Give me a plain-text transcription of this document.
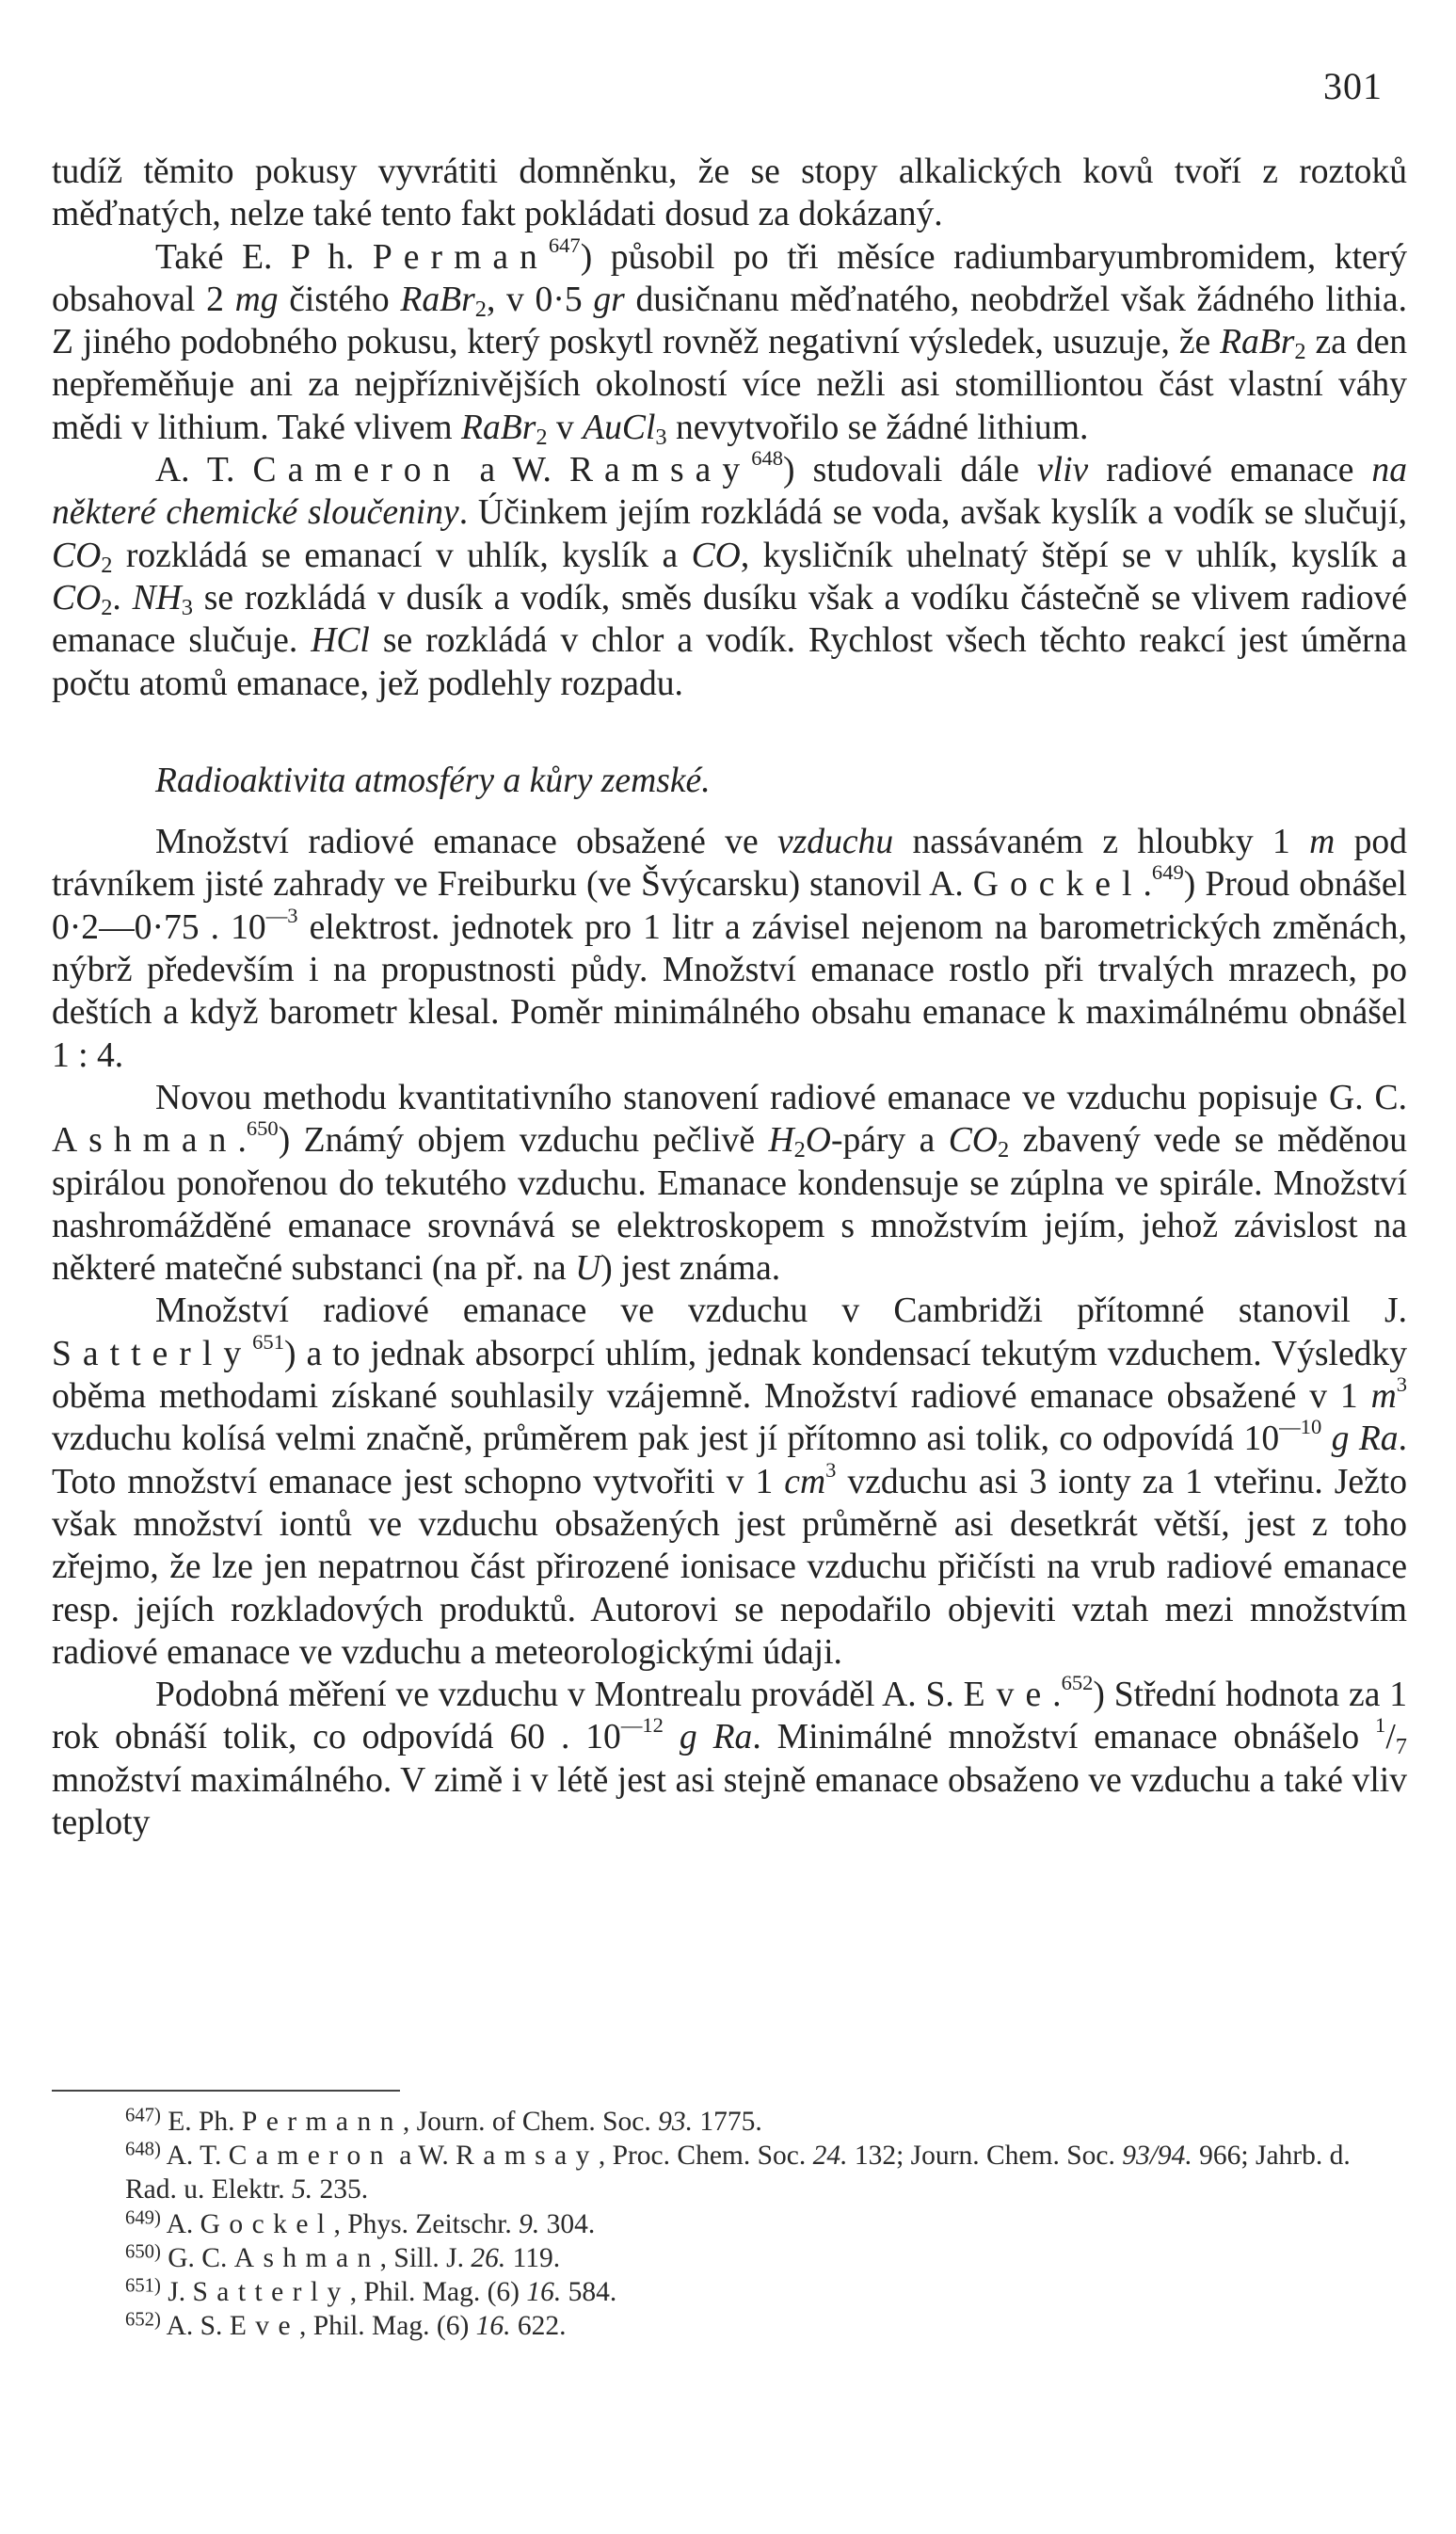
301

tudíž těmito pokusy vyvrátiti domněnku, že se stopy alkalických kovů tvoří z roztoků měďnatých, nelze také tento fakt pokládati dosud za dokázaný.

Také E. P h. Perman$^{647}$) působil po tři měsíce radiumbaryumbromidem, který obsahoval 2 mg čistého RaBr$_2$, v 0·5 gr dusičnanu měďnatého, neobdržel však žádného lithia. Z jiného podobného pokusu, který poskytl rovněž negativní výsledek, usuzuje, že RaBr$_2$ za den nepřeměňuje ani za nejpříznivějších okolností více nežli asi stomilliontou část vlastní váhy mědi v lithium. Také vlivem RaBr$_2$ v AuCl$_3$ nevytvořilo se žádné lithium.

A. T. Cameron a W. Ramsay$^{648}$) studovali dále vliv radiové emanace na některé chemické sloučeniny. Účinkem jejím rozkládá se voda, avšak kyslík a vodík se slučují, $CO_2$ rozkládá se emanací v uhlík, kyslík a CO, kysličník uhelnatý štěpí se v uhlík, kyslík a $CO_2$. $NH_3$ se rozkládá v dusík a vodík, směs dusíku však a vodíku částečně se vlivem radiové emanace slučuje. HCl se rozkládá v chlor a vodík. Rychlost všech těchto reakcí jest úměrna počtu atomů emanace, jež podlehly rozpadu.

Radioaktivita atmosféry a kůry zemské.

Množství radiové emanace obsažené ve vzduchu nassávaném z hloubky 1 m pod trávníkem jisté zahrady ve Freiburku (ve Švýcarsku) stanovil A. Gockel.$^{649}$) Proud obnášel 0·2—0·75 . $10^{—3}$ elektrost. jednotek pro 1 litr a závisel nejenom na barometrických změnách, nýbrž především i na propustnosti půdy. Množství emanace rostlo při trvalých mrazech, po deštích a když barometr klesal. Poměr minimálného obsahu emanace k maximálnému obnášel 1 : 4.

Novou methodu kvantitativního stanovení radiové emanace ve vzduchu popisuje G. C. Ashman.$^{650}$) Známý objem vzduchu pečlivě $H_2O$-páry a $CO_2$ zbavený vede se měděnou spirálou ponořenou do tekutého vzduchu. Emanace kondensuje se zúplna ve spirále. Množství nashromážděné emanace srovnává se elektroskopem s množstvím jejím, jehož závislost na některé matečné substanci (na př. na U) jest známa.

Množství radiové emanace ve vzduchu v Cambridži přítomné stanovil J. Satterly$^{651}$) a to jednak absorpcí uhlím, jednak kondensací tekutým vzduchem. Výsledky oběma methodami získané souhlasily vzájemně. Množství radiové emanace obsažené v 1 $m^3$ vzduchu kolísá velmi značně, průměrem pak jest jí přítomno asi tolik, co odpovídá $10^{—10}$ g Ra. Toto množství emanace jest schopno vytvořiti v 1 $cm^3$ vzduchu asi 3 ionty za 1 vteřinu. Ježto však množství iontů ve vzduchu obsažených jest průměrně asi desetkrát větší, jest z toho zřejmo, že lze jen nepatrnou část přirozené ionisace vzduchu přičísti na vrub radiové emanace resp. jejích rozkladových produktů. Autorovi se nepodařilo objeviti vztah mezi množstvím radiové emanace ve vzduchu a meteorologickými údaji.

Podobná měření ve vzduchu v Montrealu prováděl A. S. Eve.$^{652}$) Střední hodnota za 1 rok obnáší tolik, co odpovídá 60 . $10^{—12}$ g Ra. Minimálné množství emanace obnášelo $^1/_7$ množství maximálného. V zimě i v létě jest asi stejně emanace obsaženo ve vzduchu a také vliv teploty

$^{647)}$ E. Ph. Permann, Journ. of Chem. Soc. 93. 1775.

$^{648)}$ A. T. Cameron a W. Ramsay, Proc. Chem. Soc. 24. 132; Journ. Chem. Soc. 93/94. 966; Jahrb. d. Rad. u. Elektr. 5. 235.

$^{649)}$ A. Gockel, Phys. Zeitschr. 9. 304.

$^{650)}$ G. C. Ashman, Sill. J. 26. 119.

$^{651)}$ J. Satterly, Phil. Mag. (6) 16. 584.

$^{652)}$ A. S. Eve, Phil. Mag. (6) 16. 622.
